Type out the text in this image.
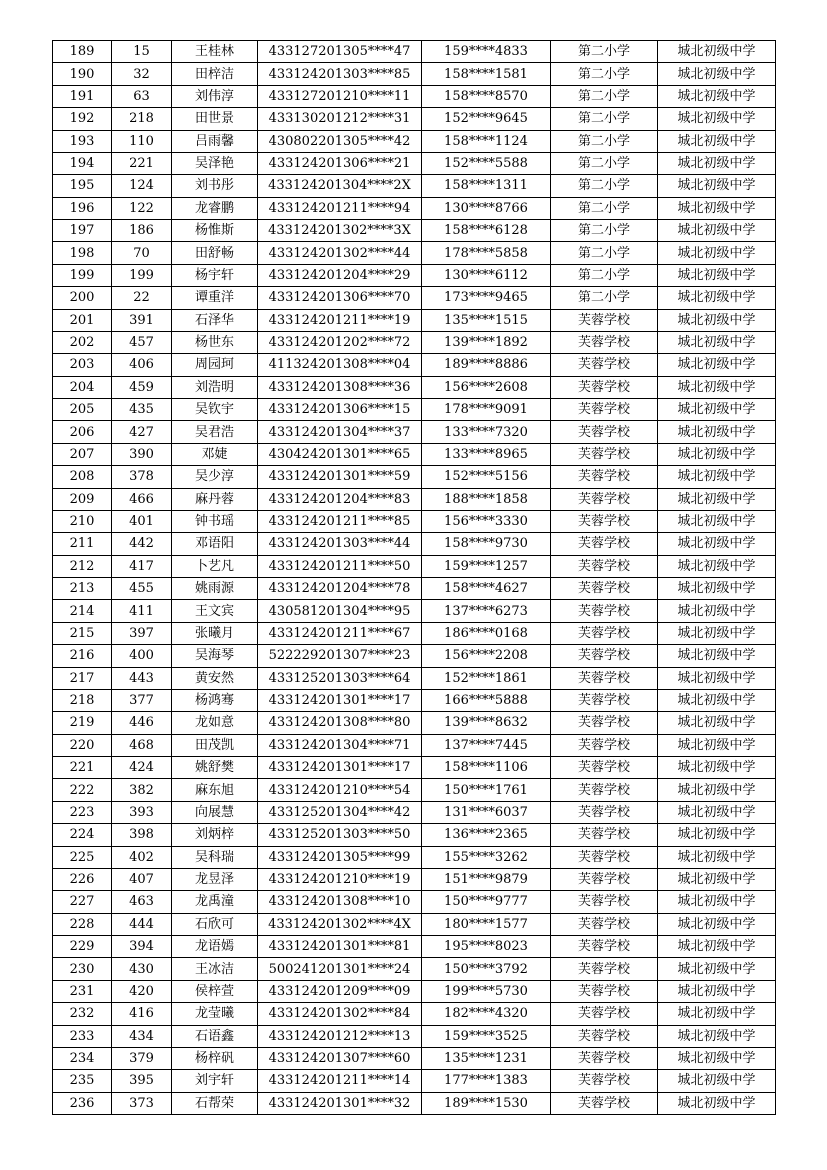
189	15	王桂林	433127201305****47	159****4833	第二小学	城北初级中学
190	32	田梓洁	433124201303****85	158****1581	第二小学	城北初级中学
191	63	刘伟淳	433127201210****11	158****8570	第二小学	城北初级中学
192	218	田世景	433130201212****31	152****9645	第二小学	城北初级中学
193	110	吕雨馨	430802201305****42	158****1124	第二小学	城北初级中学
194	221	吴泽艳	433124201306****21	152****5588	第二小学	城北初级中学
195	124	刘书彤	433124201304****2X	158****1311	第二小学	城北初级中学
196	122	龙睿鹏	433124201211****94	130****8766	第二小学	城北初级中学
197	186	杨惟斯	433124201302****3X	158****6128	第二小学	城北初级中学
198	70	田舒畅	433124201302****44	178****5858	第二小学	城北初级中学
199	199	杨宇轩	433124201204****29	130****6112	第二小学	城北初级中学
200	22	谭重洋	433124201306****70	173****9465	第二小学	城北初级中学
201	391	石泽华	433124201211****19	135****1515	芙蓉学校	城北初级中学
202	457	杨世东	433124201202****72	139****1892	芙蓉学校	城北初级中学
203	406	周园珂	411324201308****04	189****8886	芙蓉学校	城北初级中学
204	459	刘浩明	433124201308****36	156****2608	芙蓉学校	城北初级中学
205	435	吴钦宇	433124201306****15	178****9091	芙蓉学校	城北初级中学
206	427	吴君浩	433124201304****37	133****7320	芙蓉学校	城北初级中学
207	390	邓婕	430424201301****65	133****8965	芙蓉学校	城北初级中学
208	378	吴少淳	433124201301****59	152****5156	芙蓉学校	城北初级中学
209	466	麻丹蓉	433124201204****83	188****1858	芙蓉学校	城北初级中学
210	401	钟书瑶	433124201211****85	156****3330	芙蓉学校	城北初级中学
211	442	邓语阳	433124201303****44	158****9730	芙蓉学校	城北初级中学
212	417	卜艺凡	433124201211****50	159****1257	芙蓉学校	城北初级中学
213	455	姚雨源	433124201204****78	158****4627	芙蓉学校	城北初级中学
214	411	王文宾	430581201304****95	137****6273	芙蓉学校	城北初级中学
215	397	张曦月	433124201211****67	186****0168	芙蓉学校	城北初级中学
216	400	吴海琴	522229201307****23	156****2208	芙蓉学校	城北初级中学
217	443	黄安然	433125201303****64	152****1861	芙蓉学校	城北初级中学
218	377	杨鸿骞	433124201301****17	166****5888	芙蓉学校	城北初级中学
219	446	龙如意	433124201308****80	139****8632	芙蓉学校	城北初级中学
220	468	田茂凯	433124201304****71	137****7445	芙蓉学校	城北初级中学
221	424	姚舒樊	433124201301****17	158****1106	芙蓉学校	城北初级中学
222	382	麻东旭	433124201210****54	150****1761	芙蓉学校	城北初级中学
223	393	向展慧	433125201304****42	131****6037	芙蓉学校	城北初级中学
224	398	刘炳梓	433125201303****50	136****2365	芙蓉学校	城北初级中学
225	402	吴科瑞	433124201305****99	155****3262	芙蓉学校	城北初级中学
226	407	龙昱泽	433124201210****19	151****9879	芙蓉学校	城北初级中学
227	463	龙禹潼	433124201308****10	150****9777	芙蓉学校	城北初级中学
228	444	石欣可	433124201302****4X	180****1577	芙蓉学校	城北初级中学
229	394	龙语嫣	433124201301****81	195****8023	芙蓉学校	城北初级中学
230	430	王冰洁	500241201301****24	150****3792	芙蓉学校	城北初级中学
231	420	侯梓萱	433124201209****09	199****5730	芙蓉学校	城北初级中学
232	416	龙莹曦	433124201302****84	182****4320	芙蓉学校	城北初级中学
233	434	石语鑫	433124201212****13	159****3525	芙蓉学校	城北初级中学
234	379	杨梓矾	433124201307****60	135****1231	芙蓉学校	城北初级中学
235	395	刘宇轩	433124201211****14	177****1383	芙蓉学校	城北初级中学
236	373	石帮荣	433124201301****32	189****1530	芙蓉学校	城北初级中学
